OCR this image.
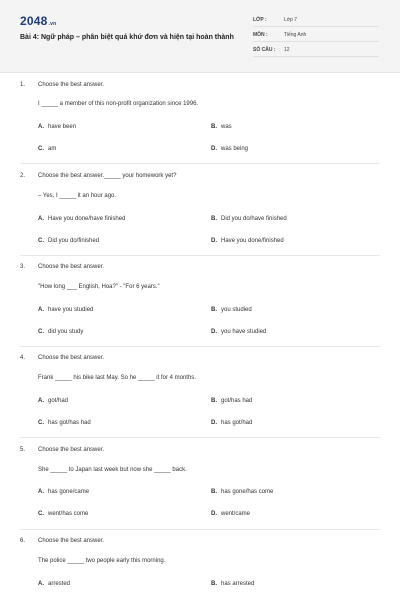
2048.vn
Bài 4: Ngữ pháp – phân biệt quá khứ đơn và hiện tại hoàn thành
LỚP :	Lớp 7
MÔN :	Tiếng Anh
SỐ CÂU : 12
1. Choose the best answer.
I _____ a member of this non-profit organization since 1996.
A. have been	B. was
C. am	D. was being
2. Choose the best answer._____ your homework yet?
– Yes, I _____ it an hour ago.
A. Have you done/have finished	B. Did you do/have finished
C. Did you do/finished	D. Have you done/finished
3. Choose the best answer.
"How long ___ English, Hoa?" - "For 6 years."
A. have you studied	B. you studied
C. did you study	D. you have studied
4. Choose the best answer.
Frank _____ his bike last May. So he _____ it for 4 months.
A. got/had	B. got/has had
C. has got/has had	D. has got/had
5. Choose the best answer.
She _____ to Japan last week but now she _____ back.
A. has gone/came	B. has gone/has come
C. went/has come	D. went/came
6. Choose the best answer.
The police _____ two people early this morning.
A. arrested	B. has arrested
